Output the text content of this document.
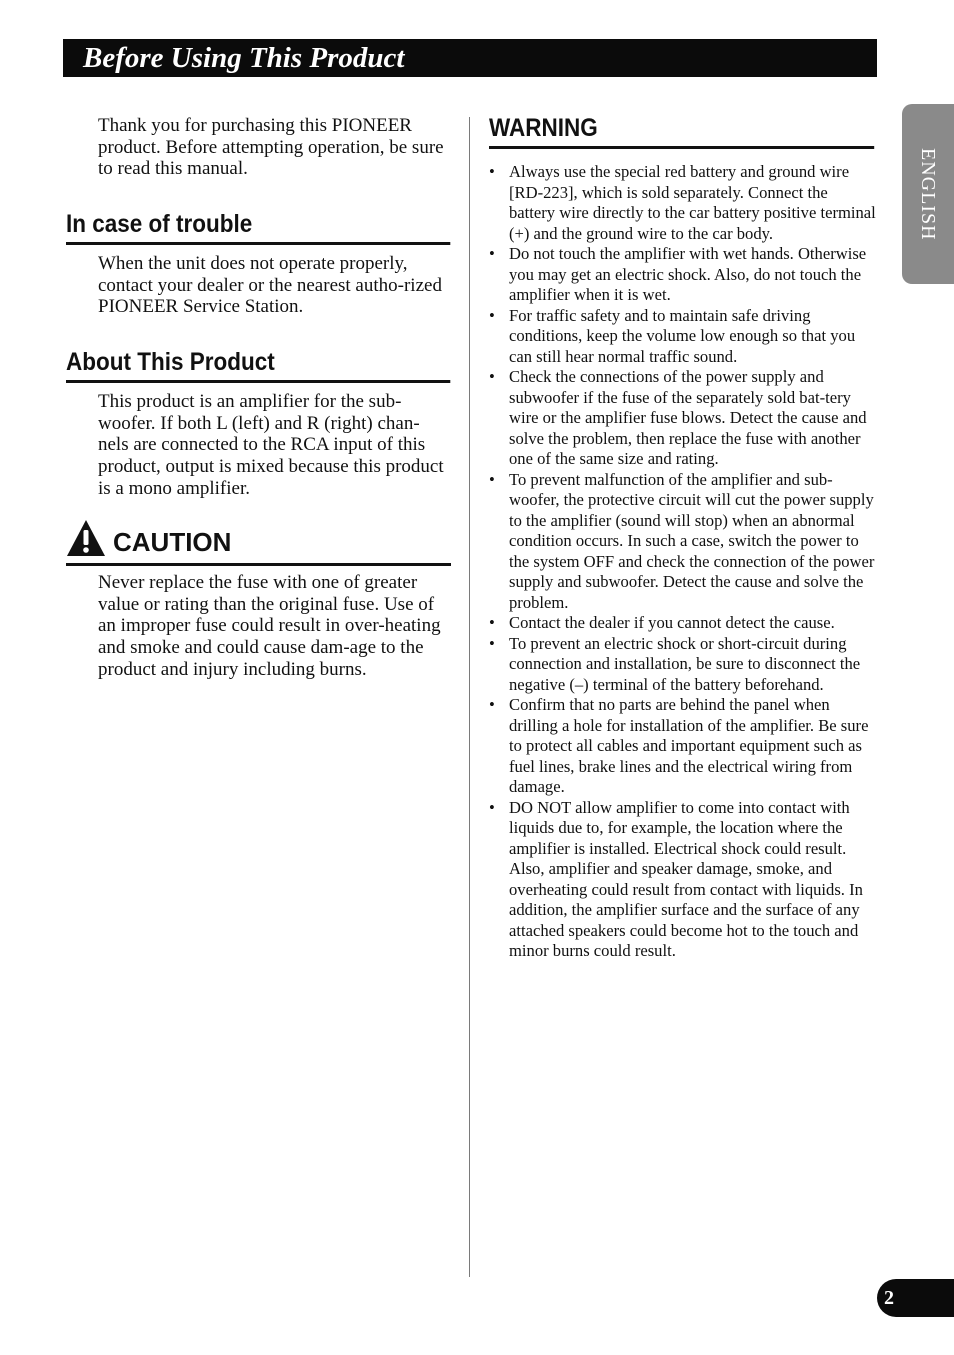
Before Using This Product
ENGLISH

Thank you for purchasing this PIONEER product. Before attempting operation, be sure to read this manual.

In case of trouble

When the unit does not operate properly, contact your dealer or the nearest autho-rized PIONEER Service Station.

About This Product

This product is an amplifier for the sub-woofer. If both L (left) and R (right) chan-nels are connected to the RCA input of this product, output is mixed because this product is a mono amplifier.

CAUTION

Never replace the fuse with one of greater value or rating than the original fuse. Use of an improper fuse could result in over-heating and smoke and could cause dam-age to the product and injury including burns.

WARNING
• Always use the special red battery and ground wire [RD-223], which is sold separately. Connect the battery wire directly to the car battery positive terminal (+) and the ground wire to the car body.
• Do not touch the amplifier with wet hands. Otherwise you may get an electric shock. Also, do not touch the amplifier when it is wet.
• For traffic safety and to maintain safe driving conditions, keep the volume low enough so that you can still hear normal traffic sound.
• Check the connections of the power supply and subwoofer if the fuse of the separately sold bat-tery wire or the amplifier fuse blows. Detect the cause and solve the problem, then replace the fuse with another one of the same size and rating.
• To prevent malfunction of the amplifier and sub-woofer, the protective circuit will cut the power supply to the amplifier (sound will stop) when an abnormal condition occurs. In such a case, switch the power to the system OFF and check the connection of the power supply and subwoofer. Detect the cause and solve the problem.
• Contact the dealer if you cannot detect the cause.
• To prevent an electric shock or short-circuit during connection and installation, be sure to disconnect the negative (–) terminal of the battery beforehand.
• Confirm that no parts are behind the panel when drilling a hole for installation of the amplifier. Be sure to protect all cables and important equipment such as fuel lines, brake lines and the electrical wiring from damage.
• DO NOT allow amplifier to come into contact with liquids due to, for example, the location where the amplifier is installed. Electrical shock could result. Also, amplifier and speaker damage, smoke, and overheating could result from contact with liquids. In addition, the amplifier surface and the surface of any attached speakers could become hot to the touch and minor burns could result.
2
